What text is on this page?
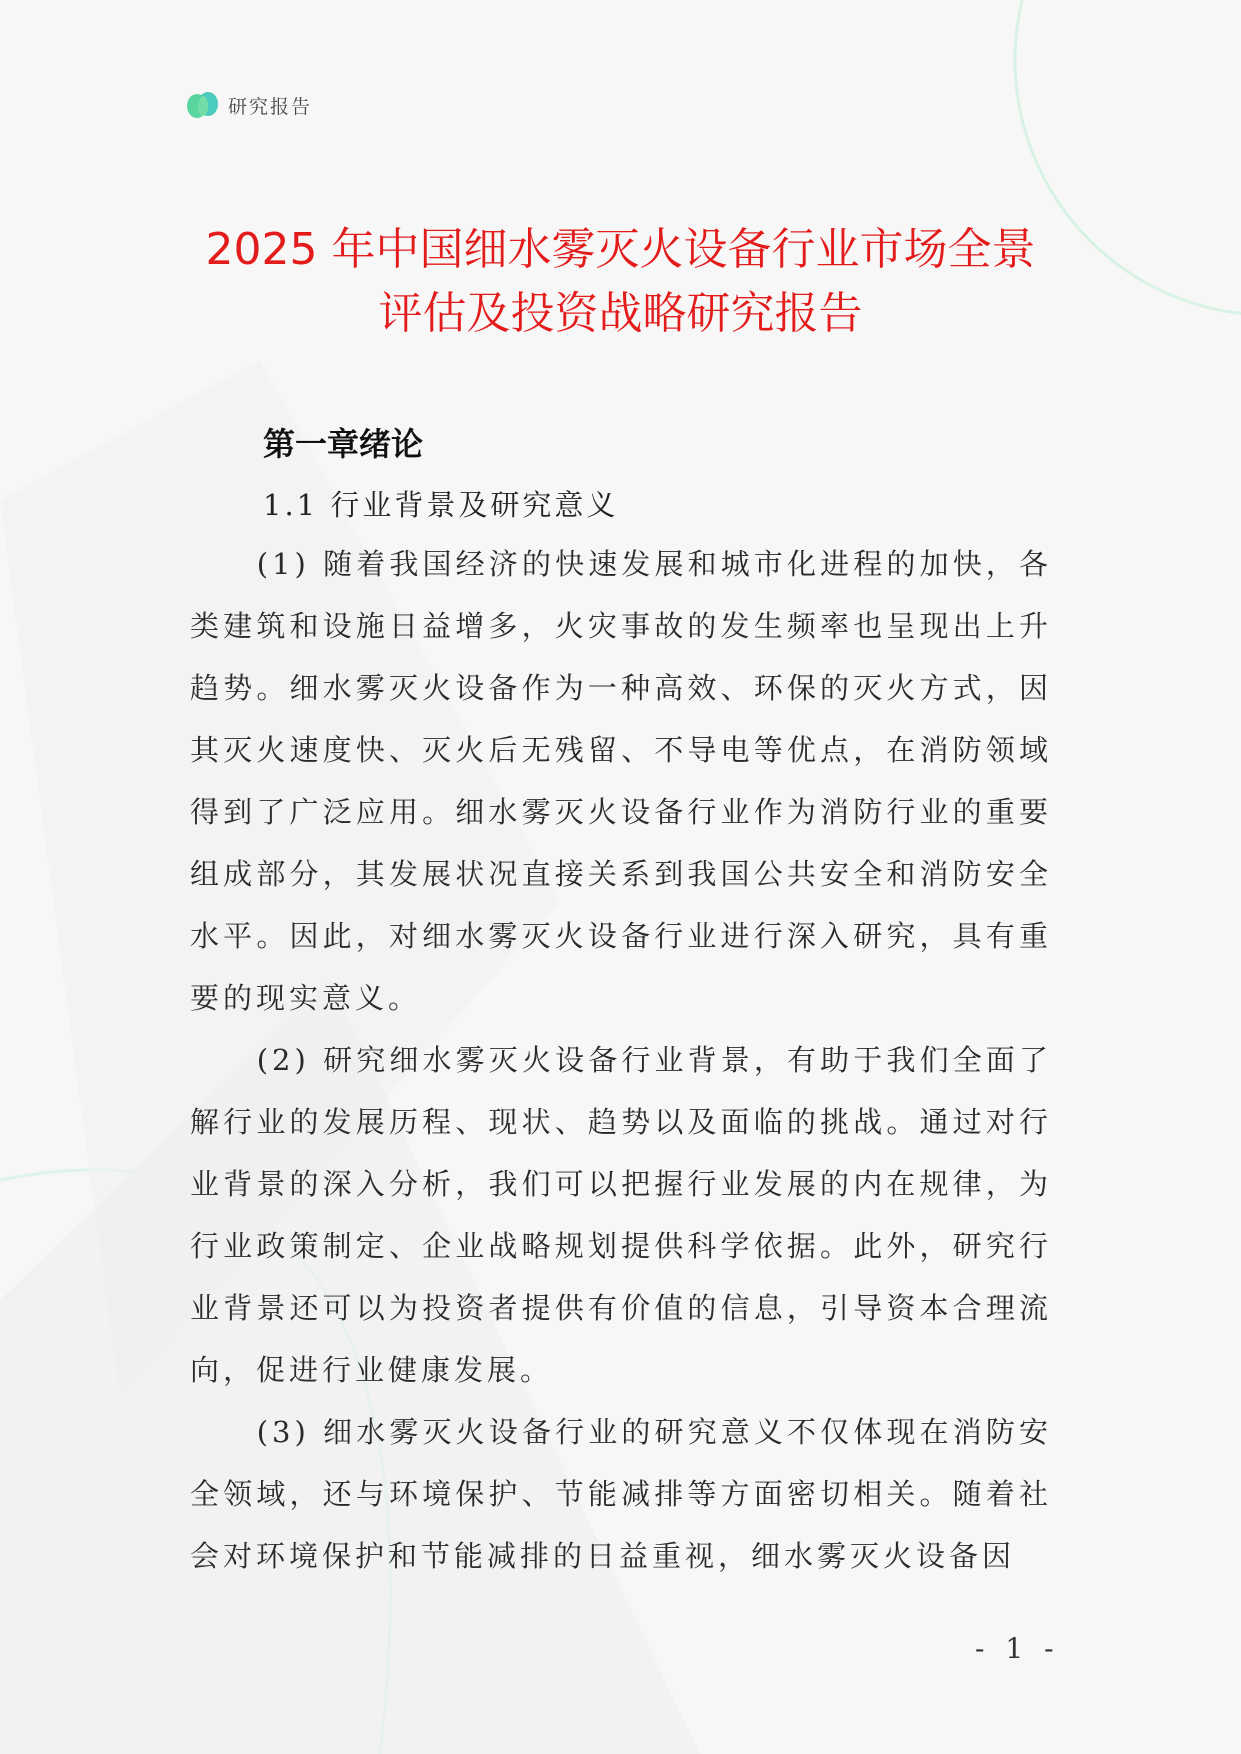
研究报告
2025 年中国细水雾灭火设备行业市场全景
评估及投资战略研究报告
第一章绪论
1.1 行业背景及研究意义

(1) 随着我国经济的快速发展和城市化进程的加快，各类建筑和设施日益增多，火灾事故的发生频率也呈现出上升趋势。细水雾灭火设备作为一种高效、环保的灭火方式，因其灭火速度快、灭火后无残留、不导电等优点，在消防领域得到了广泛应用。细水雾灭火设备行业作为消防行业的重要组成部分，其发展状况直接关系到我国公共安全和消防安全水平。因此，对细水雾灭火设备行业进行深入研究，具有重要的现实意义。

(2) 研究细水雾灭火设备行业背景，有助于我们全面了解行业的发展历程、现状、趋势以及面临的挑战。通过对行业背景的深入分析，我们可以把握行业发展的内在规律，为行业政策制定、企业战略规划提供科学依据。此外，研究行业背景还可以为投资者提供有价值的信息，引导资本合理流向，促进行业健康发展。

(3) 细水雾灭火设备行业的研究意义不仅体现在消防安全领域，还与环境保护、节能减排等方面密切相关。随着社会对环境保护和节能减排的日益重视，细水雾灭火设备因

- 1 -
